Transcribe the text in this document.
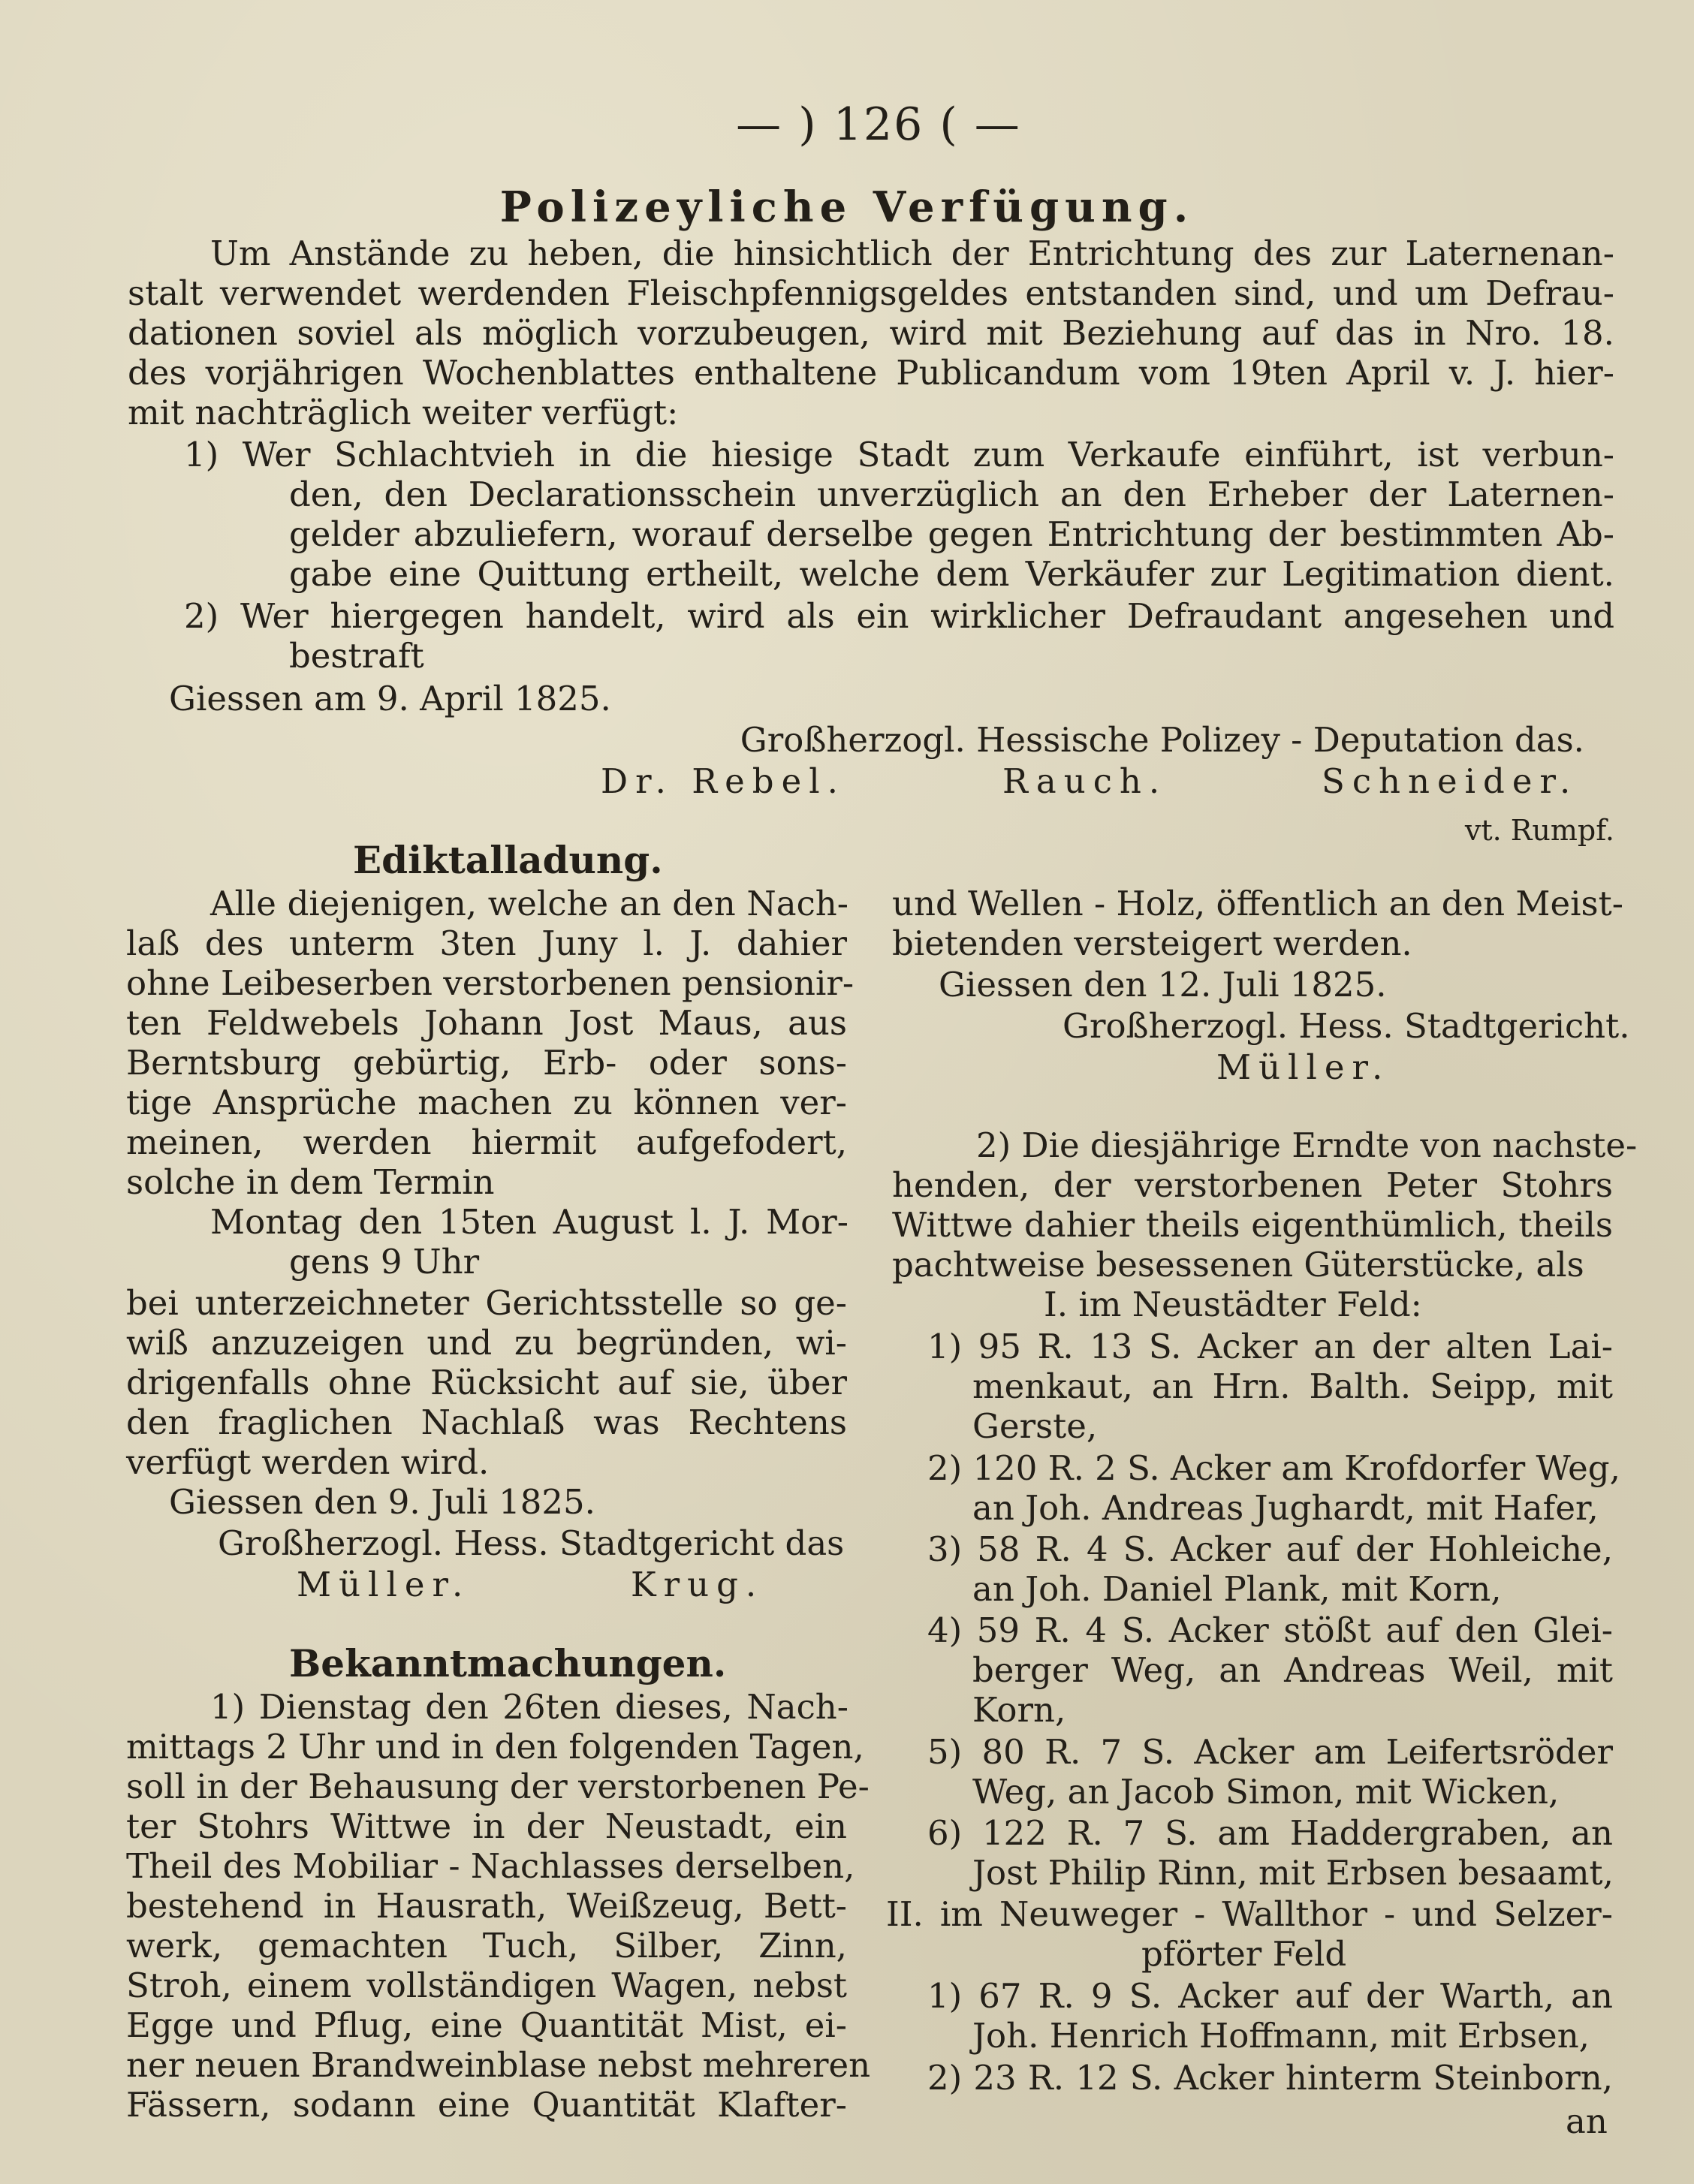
— ) 126 ( —
Polizeyliche Verfügung.
Um Anstände zu heben, die hinsichtlich der Entrichtung des zur Laternenan-
stalt verwendet werdenden Fleischpfennigsgeldes entstanden sind, und um Defrau-
dationen soviel als möglich vorzubeugen, wird mit Beziehung auf das in Nro. 18.
des vorjährigen Wochenblattes enthaltene Publicandum vom 19ten April v. J. hier-
mit nachträglich weiter verfügt:
1) Wer Schlachtvieh in die hiesige Stadt zum Verkaufe einführt, ist verbun-
den, den Declarationsschein unverzüglich an den Erheber der Laternen-
gelder abzuliefern, worauf derselbe gegen Entrichtung der bestimmten Ab-
gabe eine Quittung ertheilt, welche dem Verkäufer zur Legitimation dient.
2) Wer hiergegen handelt, wird als ein wirklicher Defraudant angesehen und
bestraft
Giessen am 9. April 1825.
Großherzogl. Hessische Polizey - Deputation das.
Dr. Rebel.	Rauch.	Schneider.
vt. Rumpf.
Ediktalladung.
Alle diejenigen, welche an den Nach-
laß des unterm 3ten Juny l. J. dahier
ohne Leibeserben verstorbenen pensionir-
ten Feldwebels Johann Jost Maus, aus
Berntsburg gebürtig, Erb- oder sons-
tige Ansprüche machen zu können ver-
meinen, werden hiermit aufgefodert,
solche in dem Termin
Montag den 15ten August l. J. Mor-
gens 9 Uhr
bei unterzeichneter Gerichtsstelle so ge-
wiß anzuzeigen und zu begründen, wi-
drigenfalls ohne Rücksicht auf sie, über
den fraglichen Nachlaß was Rechtens
verfügt werden wird.
Giessen den 9. Juli 1825.
Großherzogl. Hess. Stadtgericht das
Müller.	Krug.
Bekanntmachungen.
1) Dienstag den 26ten dieses, Nach-
mittags 2 Uhr und in den folgenden Tagen,
soll in der Behausung der verstorbenen Pe-
ter Stohrs Wittwe in der Neustadt, ein
Theil des Mobiliar - Nachlasses derselben,
bestehend in Hausrath, Weißzeug, Bett-
werk, gemachten Tuch, Silber, Zinn,
Stroh, einem vollständigen Wagen, nebst
Egge und Pflug, eine Quantität Mist, ei-
ner neuen Brandweinblase nebst mehreren
Fässern, sodann eine Quantität Klafter-
und Wellen - Holz, öffentlich an den Meist-
bietenden versteigert werden.
Giessen den 12. Juli 1825.
Großherzogl. Hess. Stadtgericht.
Müller.
2) Die diesjährige Erndte von nachste-
henden, der verstorbenen Peter Stohrs
Wittwe dahier theils eigenthümlich, theils
pachtweise besessenen Güterstücke, als
I. im Neustädter Feld:
1) 95 R. 13 S. Acker an der alten Lai-
menkaut, an Hrn. Balth. Seipp, mit
Gerste,
2) 120 R. 2 S. Acker am Krofdorfer Weg,
an Joh. Andreas Jughardt, mit Hafer,
3) 58 R. 4 S. Acker auf der Hohleiche,
an Joh. Daniel Plank, mit Korn,
4) 59 R. 4 S. Acker stößt auf den Glei-
berger Weg, an Andreas Weil, mit
Korn,
5) 80 R. 7 S. Acker am Leifertsröder
Weg, an Jacob Simon, mit Wicken,
6) 122 R. 7 S. am Haddergraben, an
Jost Philip Rinn, mit Erbsen besaamt,
II. im Neuweger - Wallthor - und Selzer-
pförter Feld
1) 67 R. 9 S. Acker auf der Warth, an
Joh. Henrich Hoffmann, mit Erbsen,
2) 23 R. 12 S. Acker hinterm Steinborn,
an
